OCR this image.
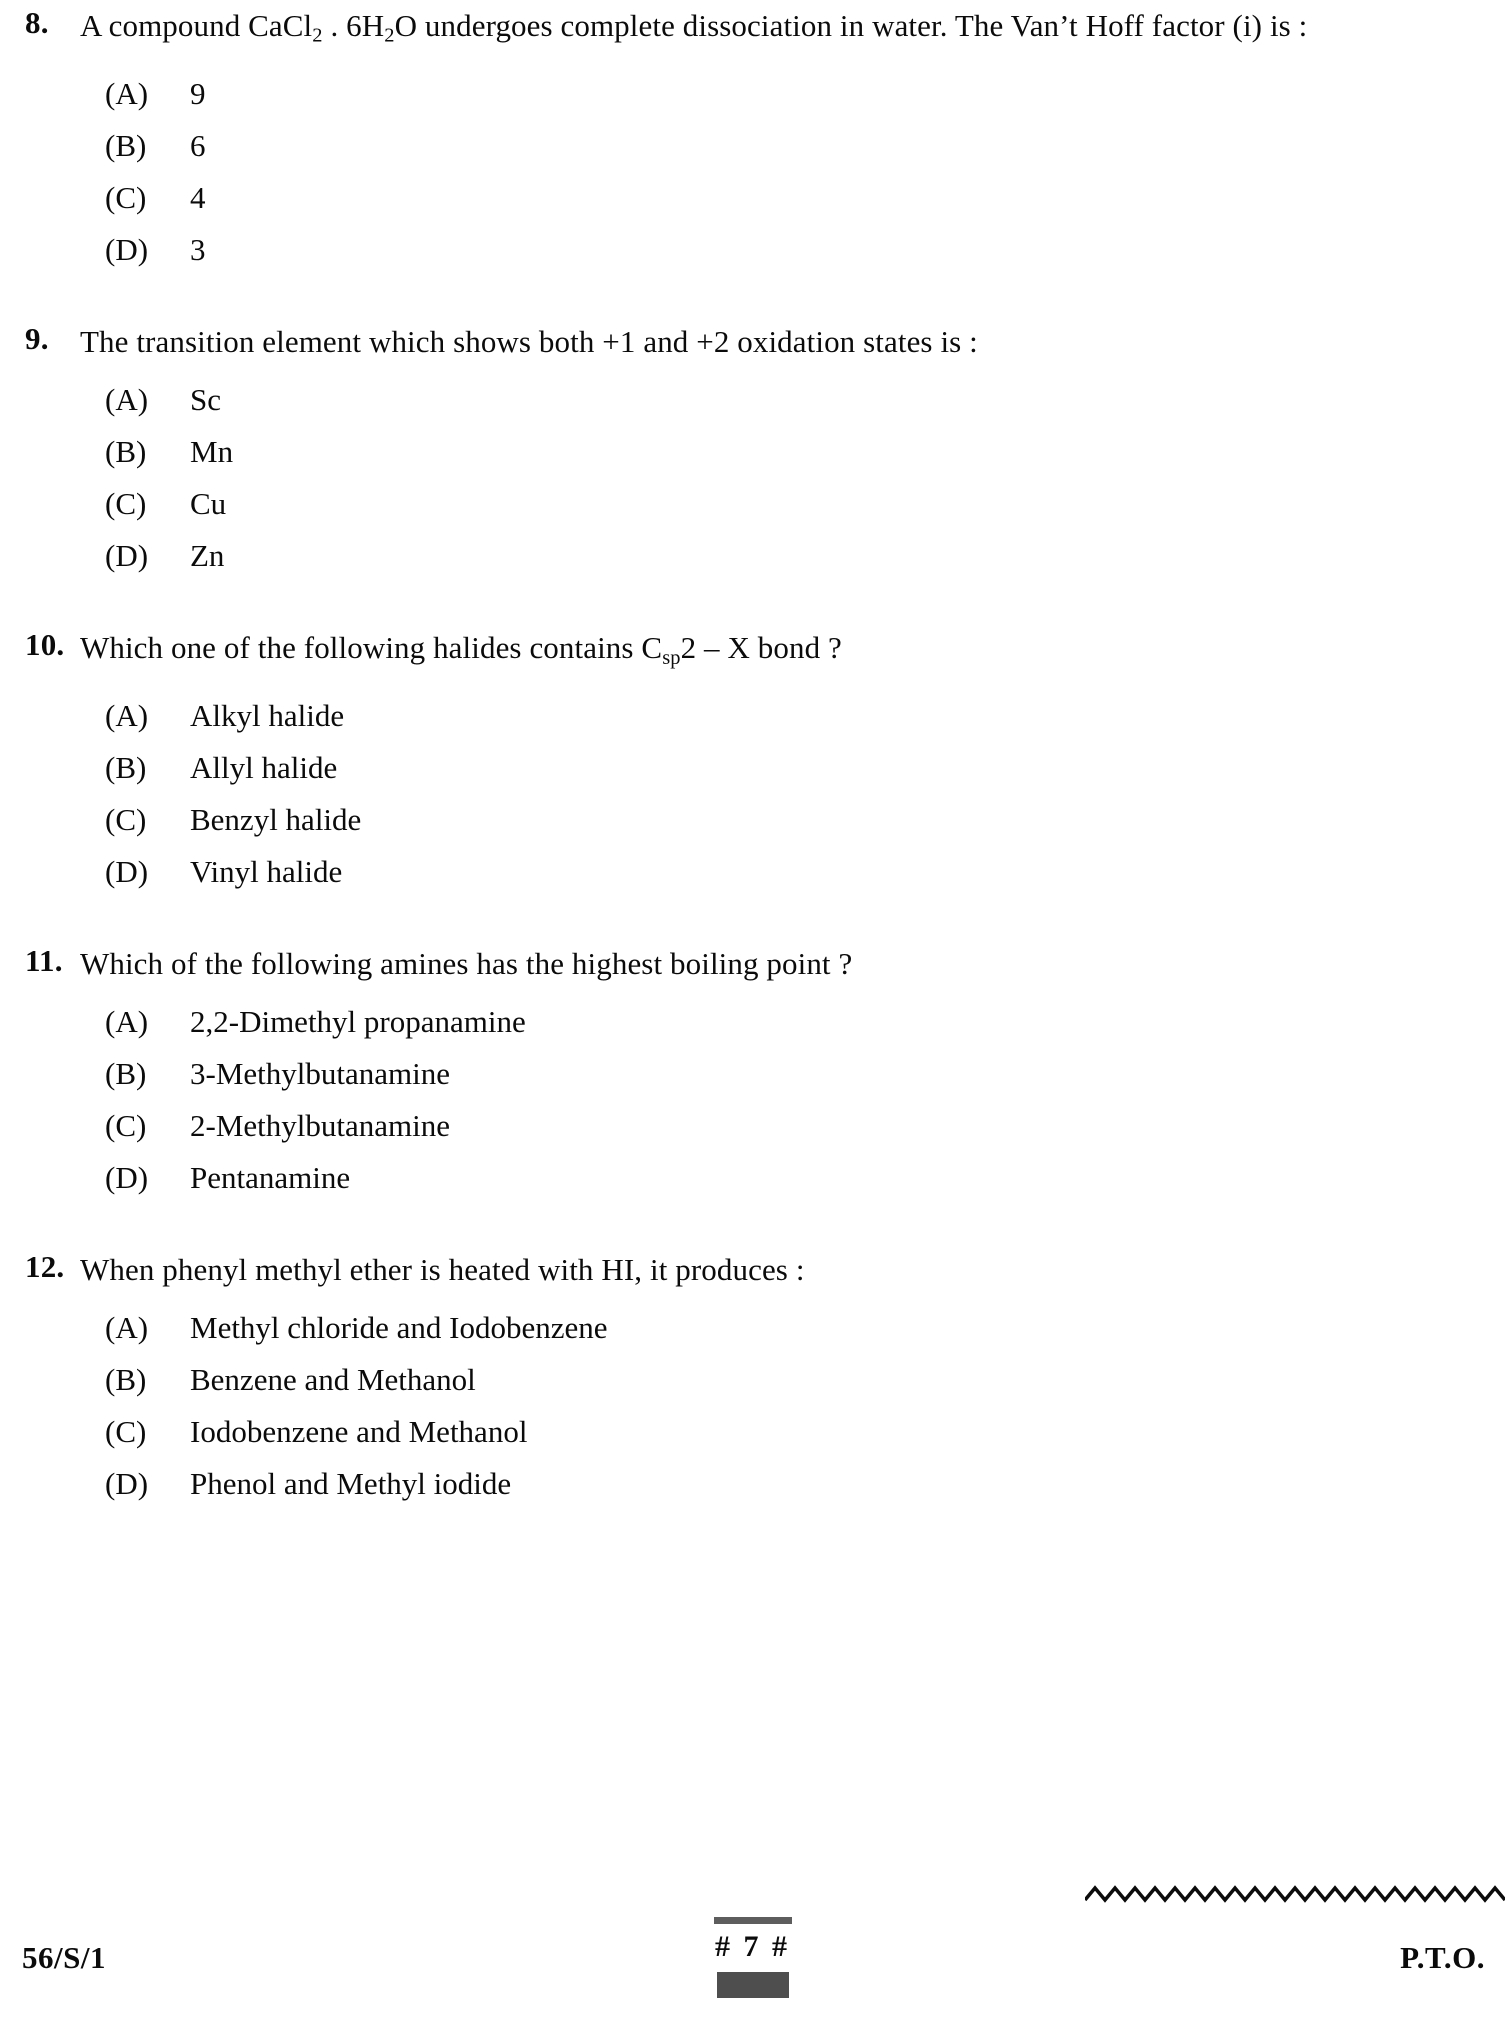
8.	A compound CaCl$_2$ . $6H_2O$ undergoes complete dissociation in water. The Van’t Hoff factor (i) is :
(A)	9
(B)	6
(C)	4
(D)	3
9.	The transition element which shows both +1 and +2 oxidation states is :
(A)	Sc
(B)	Mn
(C)	Cu
(D)	Zn
10. Which one of the following halides contains Csp2 – X bond ?
(A)	Alkyl halide
(B)	Allyl halide
(C)	Benzyl halide
(D)	Vinyl halide
11. Which of the following amines has the highest boiling point ?
(A)	2,2-Dimethyl propanamine
(B)	3-Methylbutanamine
(C)	2-Methylbutanamine
(D)	Pentanamine
12. When phenyl methyl ether is heated with HI, it produces :
(A)	Methyl chloride and Iodobenzene
(B)	Benzene and Methanol
(C)	Iodobenzene and Methanol
(D)	Phenol and Methyl iodide
56/S/1	# 7 #	P.T.O.
